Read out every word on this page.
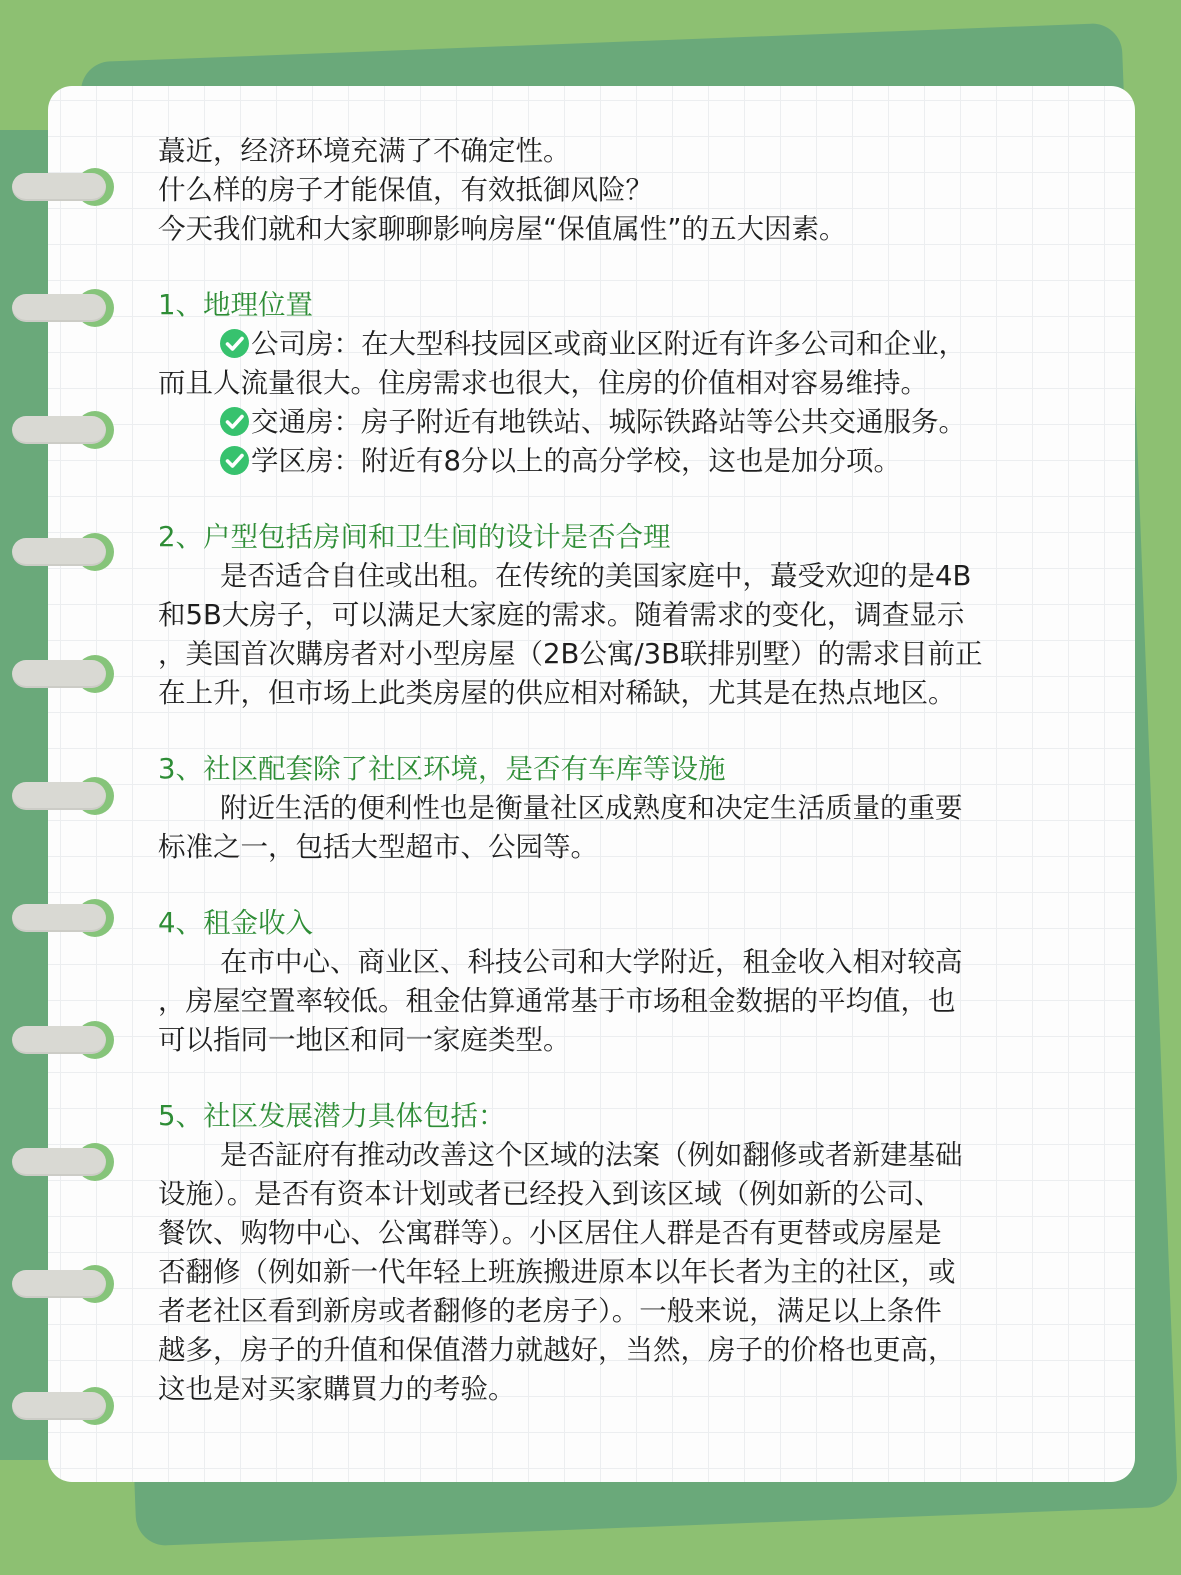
蕞近，经济环境充满了不确定性。

什么样的房子才能保值，有效抵御风险？

今天我们就和大家聊聊影响房屋“保值属性”的五大因素。

1、地理位置

公司房：在大型科技园区或商业区附近有许多公司和企业，

而且人流量很大。住房需求也很大，住房的价值相对容易维持。

交通房：房子附近有地铁站、城际铁路站等公共交通服务。

学区房：附近有8分以上的高分学校，这也是加分项。

2、户型包括房间和卫生间的设计是否合理

是否适合自住或出租。在传统的美国家庭中，蕞受欢迎的是4B

和5B大房子，可以满足大家庭的需求。随着需求的变化，调查显示

，美国首次購房者对小型房屋（2B公寓/3B联排别墅）的需求目前正

在上升，但市场上此类房屋的供应相对稀缺，尤其是在热点地区。

3、社区配套除了社区环境，是否有车库等设施

附近生活的便利性也是衡量社区成熟度和决定生活质量的重要

标准之一，包括大型超市、公园等。

4、租金收入

在市中心、商业区、科技公司和大学附近，租金收入相对较高

，房屋空置率较低。租金估算通常基于市场租金数据的平均值，也

可以指同一地区和同一家庭类型。

5、社区发展潜力具体包括：

是否証府有推动改善这个区域的法案（例如翻修或者新建基础

设施）。是否有资本计划或者已经投入到该区域（例如新的公司、

餐饮、购物中心、公寓群等）。小区居住人群是否有更替或房屋是

否翻修（例如新一代年轻上班族搬进原本以年长者为主的社区，或

者老社区看到新房或者翻修的老房子）。一般来说，满足以上条件

越多，房子的升值和保值潜力就越好，当然，房子的价格也更高，

这也是对买家購買力的考验。
